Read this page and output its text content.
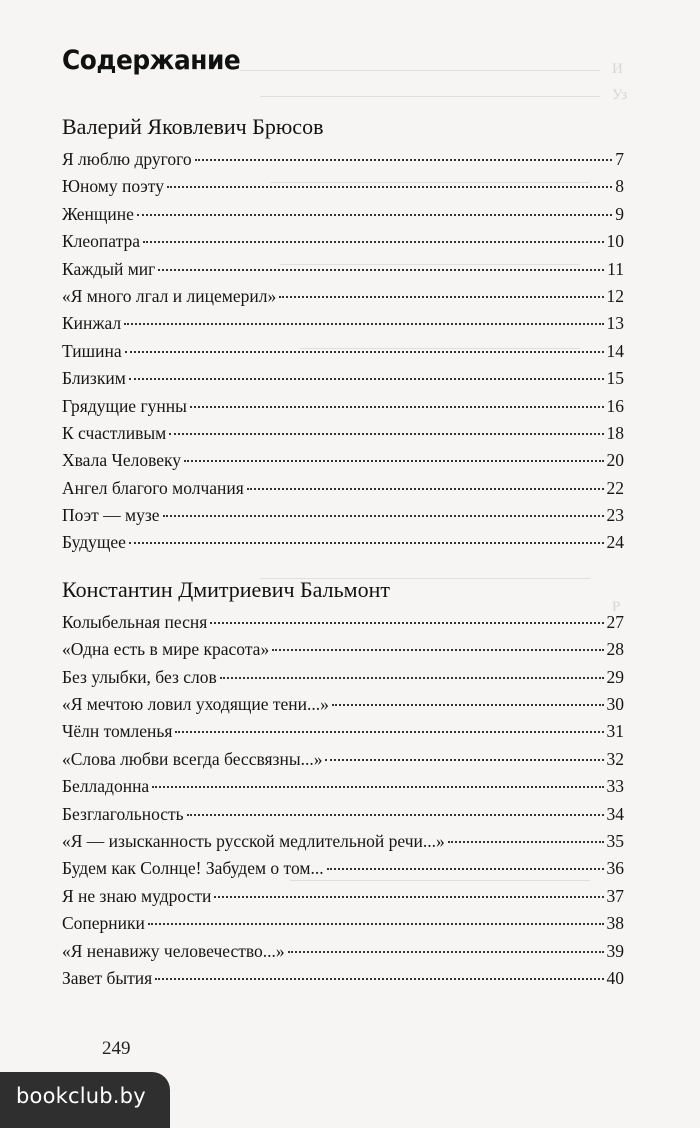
И
Уз
Р
Содержание
Валерий Яковлевич Брюсов
Я люблю другого	7
Юному поэту	8
Женщине	9
Клеопатра	10
Каждый миг	11
«Я много лгал и лицемерил»	12
Кинжал	13
Тишина	14
Близким	15
Грядущие гунны	16
К счастливым	18
Хвала Человеку	20
Ангел благого молчания	22
Поэт — музе	23
Будущее	24
Константин Дмитриевич Бальмонт
Колыбельная песня	27
«Одна есть в мире красота»	28
Без улыбки, без слов	29
«Я мечтою ловил уходящие тени...»	30
Чёлн томленья	31
«Слова любви всегда бессвязны...»	32
Белладонна	33
Безглагольность	34
«Я — изысканность русской медлительной речи...»	35
Будем как Солнце! Забудем о том...	36
Я не знаю мудрости	37
Соперники	38
«Я ненавижу человечество...»	39
Завет бытия	40
249
bookclub.by
